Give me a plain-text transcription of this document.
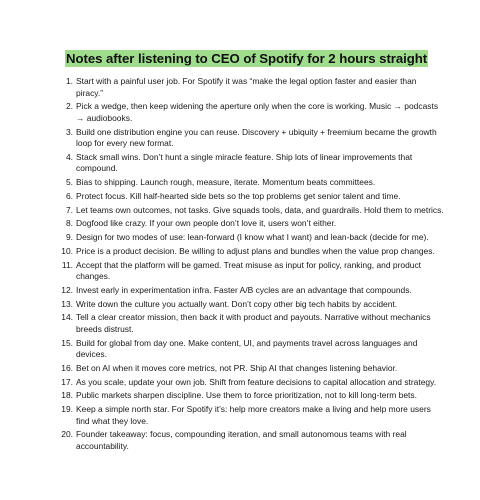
Notes after listening to CEO of Spotify for 2 hours straight
1. Start with a painful user job. For Spotify it was “make the legal option faster and easier than piracy.”
2. Pick a wedge, then keep widening the aperture only when the core is working. Music → podcasts → audiobooks.
3. Build one distribution engine you can reuse. Discovery + ubiquity + freemium became the growth loop for every new format.
4. Stack small wins. Don’t hunt a single miracle feature. Ship lots of linear improvements that compound.
5. Bias to shipping. Launch rough, measure, iterate. Momentum beats committees.
6. Protect focus. Kill half-hearted side bets so the top problems get senior talent and time.
7. Let teams own outcomes, not tasks. Give squads tools, data, and guardrails. Hold them to metrics.
8. Dogfood like crazy. If your own people don’t love it, users won’t either.
9. Design for two modes of use: lean-forward (I know what I want) and lean-back (decide for me).
10. Price is a product decision. Be willing to adjust plans and bundles when the value prop changes.
11. Accept that the platform will be gamed. Treat misuse as input for policy, ranking, and product changes.
12. Invest early in experimentation infra. Faster A/B cycles are an advantage that compounds.
13. Write down the culture you actually want. Don’t copy other big tech habits by accident.
14. Tell a clear creator mission, then back it with product and payouts. Narrative without mechanics breeds distrust.
15. Build for global from day one. Make content, UI, and payments travel across languages and devices.
16. Bet on AI when it moves core metrics, not PR. Ship AI that changes listening behavior.
17. As you scale, update your own job. Shift from feature decisions to capital allocation and strategy.
18. Public markets sharpen discipline. Use them to force prioritization, not to kill long-term bets.
19. Keep a simple north star. For Spotify it’s: help more creators make a living and help more users find what they love.
20. Founder takeaway: focus, compounding iteration, and small autonomous teams with real accountability.
